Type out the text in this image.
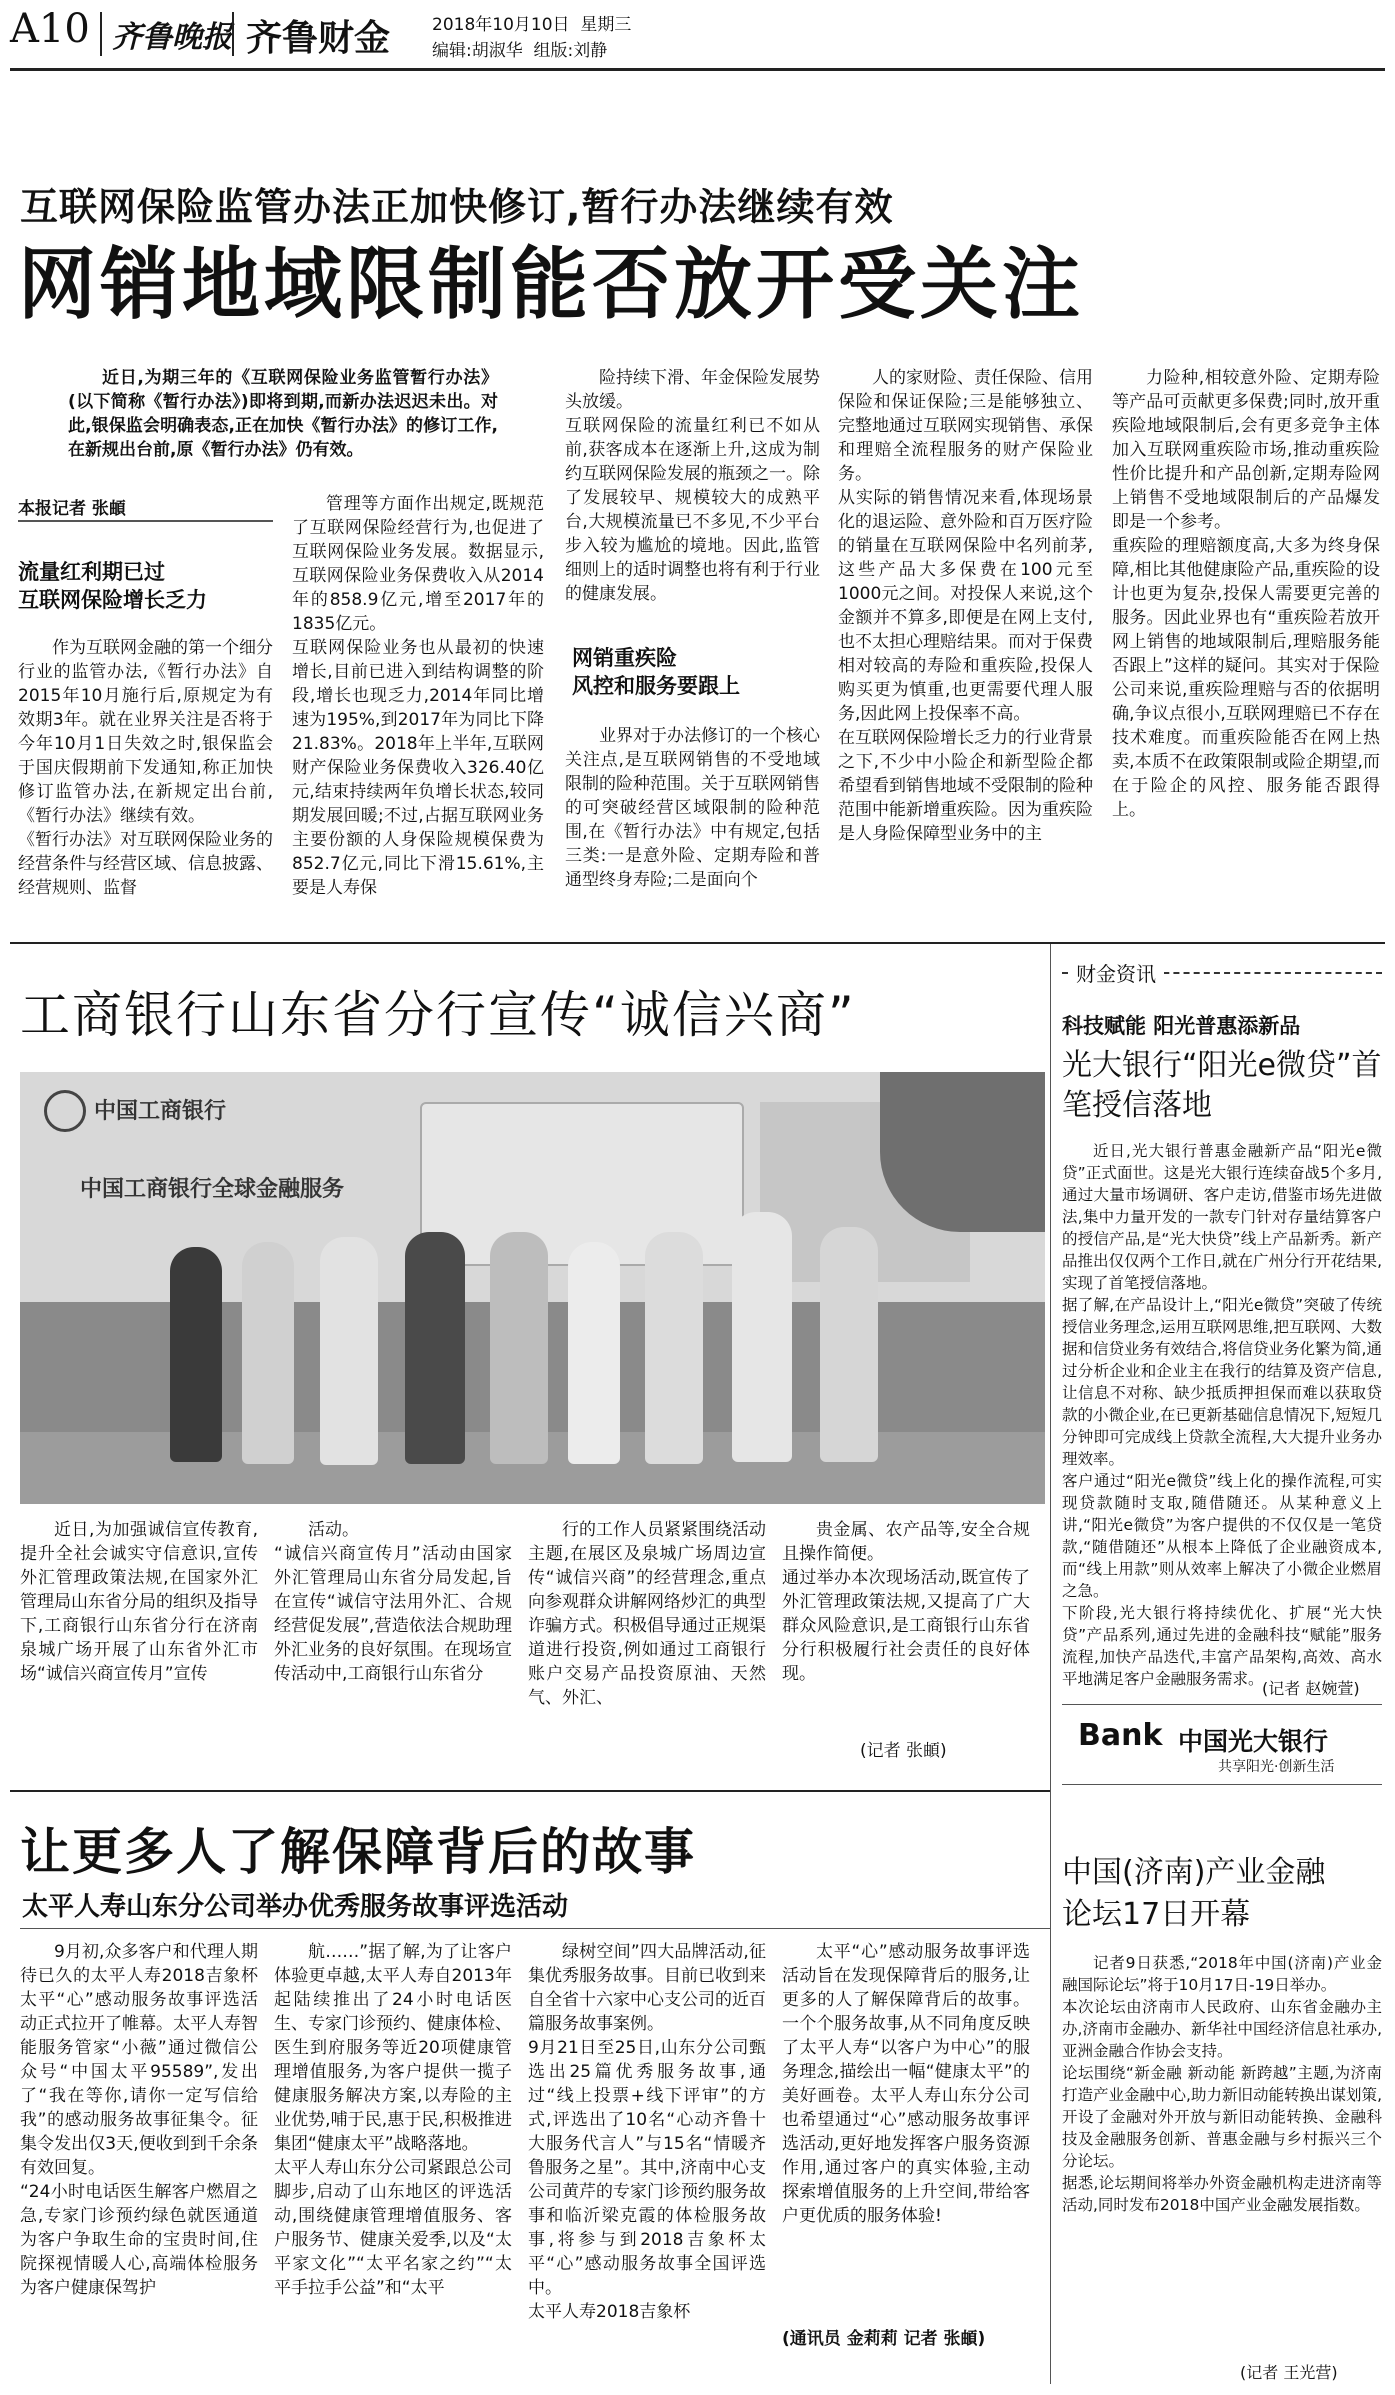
A10 齐鲁晚报 齐鲁财金 2018年10月10日 星期三
编辑:胡淑华 组版:刘静
互联网保险监管办法正加快修订,暂行办法继续有效
网销地域限制能否放开受关注

近日,为期三年的《互联网保险业务监管暂行办法》(以下简称《暂行办法》)即将到期,而新办法迟迟未出。对此,银保监会明确表态,正在加快《暂行办法》的修订工作,在新规出台前,原《暂行办法》仍有效。

本报记者 张頔
流量红利期已过
互联网保险增长乏力

作为互联网金融的第一个细分行业的监管办法,《暂行办法》自2015年10月施行后,原规定为有效期3年。就在业界关注是否将于今年10月1日失效之时,银保监会于国庆假期前下发通知,称正加快修订监管办法,在新规定出台前,《暂行办法》继续有效。
《暂行办法》对互联网保险业务的经营条件与经营区域、信息披露、经营规则、监督

管理等方面作出规定,既规范了互联网保险经营行为,也促进了互联网保险业务发展。数据显示,互联网保险业务保费收入从2014年的858.9亿元,增至2017年的1835亿元。
互联网保险业务也从最初的快速增长,目前已进入到结构调整的阶段,增长也现乏力,2014年同比增速为195%,到2017年为同比下降21.83%。2018年上半年,互联网财产保险业务保费收入326.40亿元,结束持续两年负增长状态,较同期发展回暖;不过,占据互联网业务主要份额的人身保险规模保费为852.7亿元,同比下滑15.61%,主要是人寿保

险持续下滑、年金保险发展势头放缓。
互联网保险的流量红利已不如从前,获客成本在逐渐上升,这成为制约互联网保险发展的瓶颈之一。除了发展较早、规模较大的成熟平台,大规模流量已不多见,不少平台步入较为尴尬的境地。因此,监管细则上的适时调整也将有利于行业的健康发展。

网销重疾险
风控和服务要跟上

业界对于办法修订的一个核心关注点,是互联网销售的不受地域限制的险种范围。关于互联网销售的可突破经营区域限制的险种范围,在《暂行办法》中有规定,包括三类:一是意外险、定期寿险和普通型终身寿险;二是面向个

人的家财险、责任保险、信用保险和保证保险;三是能够独立、完整地通过互联网实现销售、承保和理赔全流程服务的财产保险业务。
从实际的销售情况来看,体现场景化的退运险、意外险和百万医疗险的销量在互联网保险中名列前茅,这些产品大多保费在100元至1000元之间。对投保人来说,这个金额并不算多,即便是在网上支付,也不太担心理赔结果。而对于保费相对较高的寿险和重疾险,投保人购买更为慎重,也更需要代理人服务,因此网上投保率不高。
在互联网保险增长乏力的行业背景之下,不少中小险企和新型险企都希望看到销售地域不受限制的险种范围中能新增重疾险。因为重疾险是人身险保障型业务中的主

力险种,相较意外险、定期寿险等产品可贡献更多保费;同时,放开重疾险地域限制后,会有更多竞争主体加入互联网重疾险市场,推动重疾险性价比提升和产品创新,定期寿险网上销售不受地域限制后的产品爆发即是一个参考。
重疾险的理赔额度高,大多为终身保障,相比其他健康险产品,重疾险的设计也更为复杂,投保人需要更完善的服务。因此业界也有“重疾险若放开网上销售的地域限制后,理赔服务能否跟上”这样的疑问。其实对于保险公司来说,重疾险理赔与否的依据明确,争议点很小,互联网理赔已不存在技术难度。而重疾险能否在网上热卖,本质不在政策限制或险企期望,而在于险企的风控、服务能否跟得上。

工商银行山东省分行宣传“诚信兴商”
中国工商银行
中国工商银行全球金融服务

近日,为加强诚信宣传教育,提升全社会诚实守信意识,宣传外汇管理政策法规,在国家外汇管理局山东省分局的组织及指导下,工商银行山东省分行在济南泉城广场开展了山东省外汇市场“诚信兴商宣传月”宣传

活动。
“诚信兴商宣传月”活动由国家外汇管理局山东省分局发起,旨在宣传“诚信守法用外汇、合规经营促发展”,营造依法合规助理外汇业务的良好氛围。在现场宣传活动中,工商银行山东省分

行的工作人员紧紧围绕活动主题,在展区及泉城广场周边宣传“诚信兴商”的经营理念,重点向参观群众讲解网络炒汇的典型诈骗方式。积极倡导通过正规渠道进行投资,例如通过工商银行账户交易产品投资原油、天然气、外汇、

贵金属、农产品等,安全合规且操作简便。
通过举办本次现场活动,既宣传了外汇管理政策法规,又提高了广大群众风险意识,是工商银行山东省分行积极履行社会责任的良好体现。

(记者 张頔)
让更多人了解保障背后的故事
太平人寿山东分公司举办优秀服务故事评选活动

9月初,众多客户和代理人期待已久的太平人寿2018吉象杯太平“心”感动服务故事评选活动正式拉开了帷幕。太平人寿智能服务管家“小薇”通过微信公众号“中国太平95589”,发出了“我在等你,请你一定写信给我”的感动服务故事征集令。征集令发出仅3天,便收到到千余条有效回复。
“24小时电话医生解客户燃眉之急,专家门诊预约绿色就医通道为客户争取生命的宝贵时间,住院探视情暖人心,高端体检服务为客户健康保驾护

航……”据了解,为了让客户体验更卓越,太平人寿自2013年起陆续推出了24小时电话医生、专家门诊预约、健康体检、医生到府服务等近20项健康管理增值服务,为客户提供一揽子健康服务解决方案,以寿险的主业优势,哺于民,惠于民,积极推进集团“健康太平”战略落地。
太平人寿山东分公司紧跟总公司脚步,启动了山东地区的评选活动,围绕健康管理增值服务、客户服务节、健康关爱季,以及“太平家文化”“太平名家之约”“太平手拉手公益”和“太平

绿树空间”四大品牌活动,征集优秀服务故事。目前已收到来自全省十六家中心支公司的近百篇服务故事案例。
9月21日至25日,山东分公司甄选出25篇优秀服务故事,通过“线上投票+线下评审”的方式,评选出了10名“心动齐鲁十大服务代言人”与15名“情暖齐鲁服务之星”。其中,济南中心支公司黄芹的专家门诊预约服务故事和临沂梁克霞的体检服务故事,将参与到2018吉象杯太平“心”感动服务故事全国评选中。
太平人寿2018吉象杯

太平“心”感动服务故事评选活动旨在发现保障背后的服务,让更多的人了解保障背后的故事。一个个服务故事,从不同角度反映了太平人寿“以客户为中心”的服务理念,描绘出一幅“健康太平”的美好画卷。太平人寿山东分公司也希望通过“心”感动服务故事评选活动,更好地发挥客户服务资源作用,通过客户的真实体验,主动探索增值服务的上升空间,带给客户更优质的服务体验!

(通讯员 金莉莉 记者 张頔)
财金资讯
科技赋能 阳光普惠添新品
光大银行“阳光e微贷”首笔授信落地

近日,光大银行普惠金融新产品“阳光e微贷”正式面世。这是光大银行连续奋战5个多月,通过大量市场调研、客户走访,借鉴市场先进做法,集中力量开发的一款专门针对存量结算客户的授信产品,是“光大快贷”线上产品新秀。新产品推出仅仅两个工作日,就在广州分行开花结果,实现了首笔授信落地。
据了解,在产品设计上,“阳光e微贷”突破了传统授信业务理念,运用互联网思维,把互联网、大数据和信贷业务有效结合,将信贷业务化繁为简,通过分析企业和企业主在我行的结算及资产信息,让信息不对称、缺少抵质押担保而难以获取贷款的小微企业,在已更新基础信息情况下,短短几分钟即可完成线上贷款全流程,大大提升业务办理效率。
客户通过“阳光e微贷”线上化的操作流程,可实现贷款随时支取,随借随还。从某种意义上讲,“阳光e微贷”为客户提供的不仅仅是一笔贷款,“随借随还”从根本上降低了企业融资成本,而“线上用款”则从效率上解决了小微企业燃眉之急。
下阶段,光大银行将持续优化、扩展“光大快贷”产品系列,通过先进的金融科技“赋能”服务流程,加快产品迭代,丰富产品架构,高效、高水平地满足客户金融服务需求。

(记者 赵婉萱)
Bank 中国光大银行
共享阳光·创新生活
中国(济南)产业金融论坛17日开幕

记者9日获悉,“2018年中国(济南)产业金融国际论坛”将于10月17日-19日举办。
本次论坛由济南市人民政府、山东省金融办主办,济南市金融办、新华社中国经济信息社承办,亚洲金融合作协会支持。
论坛围绕“新金融 新动能 新跨越”主题,为济南打造产业金融中心,助力新旧动能转换出谋划策,开设了金融对外开放与新旧动能转换、金融科技及金融服务创新、普惠金融与乡村振兴三个分论坛。
据悉,论坛期间将举办外资金融机构走进济南等活动,同时发布2018中国产业金融发展指数。

(记者 王光营)
